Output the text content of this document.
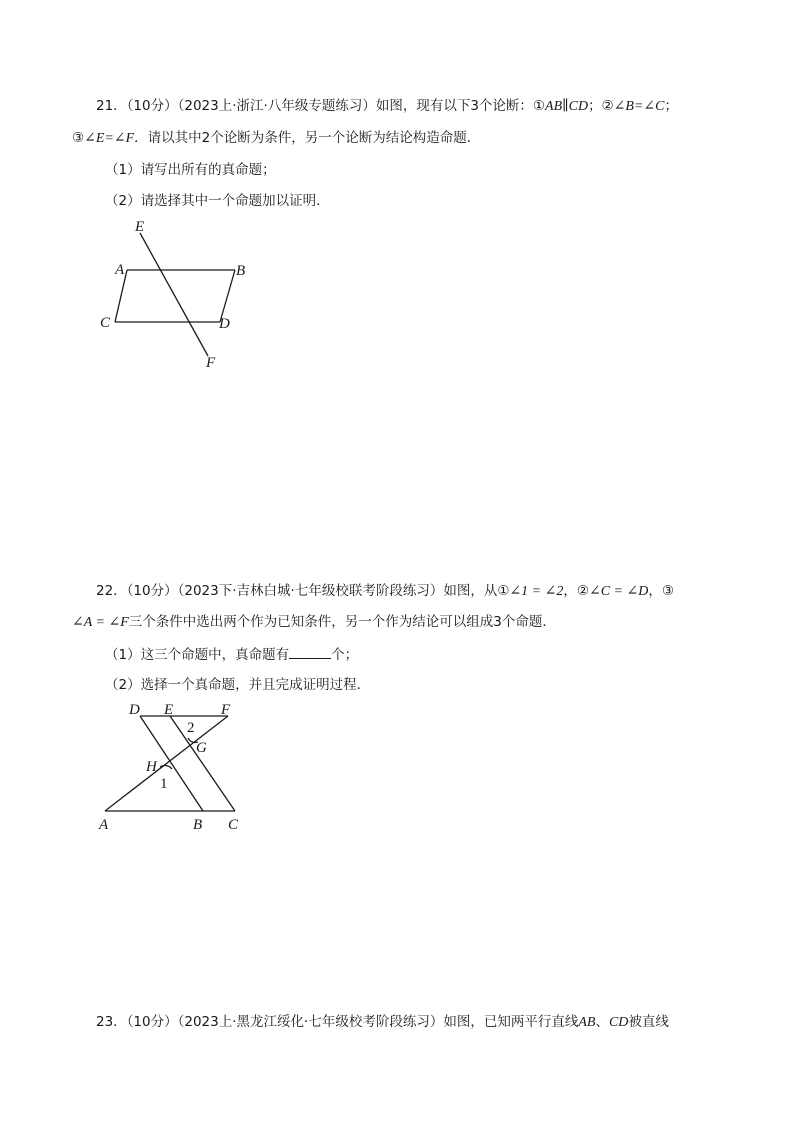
21．（10分）（2023上·浙江·八年级专题练习）如图，现有以下3个论断：①AB∥CD；②∠B=∠C；
③∠E=∠F．请以其中2个论断为条件，另一个论断为结论构造命题．
（1）请写出所有的真命题；
（2）请选择其中一个命题加以证明．
E
A	B
C	D
F
22．（10分）（2023下·吉林白城·七年级校联考阶段练习）如图，从①∠1 = ∠2，②∠C = ∠D，③
∠A = ∠F三个条件中选出两个作为已知条件，另一个作为结论可以组成3个命题．
（1）这三个命题中，真命题有	个；
（2）选择一个真命题，并且完成证明过程．
D E	F
2
G
H
1
A	B C
23．（10分）（2023上·黑龙江绥化·七年级校考阶段练习）如图，已知两平行直线AB、CD被直线
